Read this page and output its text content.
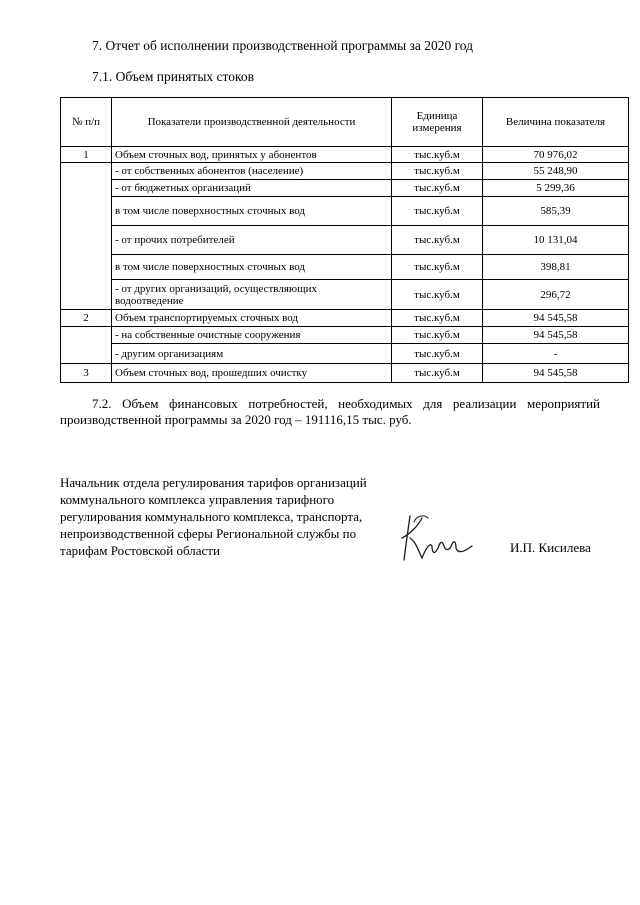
7. Отчет об исполнении производственной программы за 2020 год
7.1. Объем принятых стоков
№ п/п	Показатели производственной деятельности	Единица измерения	Величина показателя
1	Объем сточных вод, принятых у абонентов	тыс.куб.м	70 976,02
	- от собственных абонентов (население)	тыс.куб.м	55 248,90
	- от бюджетных организаций	тыс.куб.м	5 299,36
	в том числе поверхностных сточных вод	тыс.куб.м	585,39
	- от прочих потребителей	тыс.куб.м	10 131,04
	в том числе поверхностных сточных вод	тыс.куб.м	398,81
	- от других организаций, осуществляющих водоотведение	тыс.куб.м	296,72
2	Объем транспортируемых сточных вод	тыс.куб.м	94 545,58
	- на собственные очистные сооружения	тыс.куб.м	94 545,58
	- другим организациям	тыс.куб.м	-
3	Объем сточных вод, прошедших очистку	тыс.куб.м	94 545,58
7.2. Объем финансовых потребностей, необходимых для реализации мероприятий производственной программы за 2020 год – 191116,15 тыс. руб.
Начальник отдела регулирования тарифов организаций
коммунального комплекса управления тарифного
регулирования коммунального комплекса, транспорта,
непроизводственной сферы Региональной службы по
тарифам Ростовской области	И.П. Кисилева
